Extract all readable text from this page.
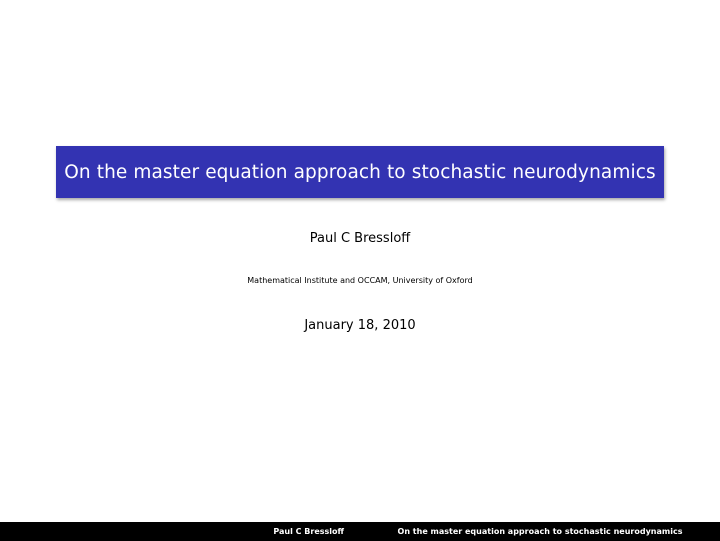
On the master equation approach to stochastic neurodynamics
Paul C Bressloff
Mathematical Institute and OCCAM, University of Oxford
January 18, 2010
Paul C Bressloff	On the master equation approach to stochastic neurodynamics
